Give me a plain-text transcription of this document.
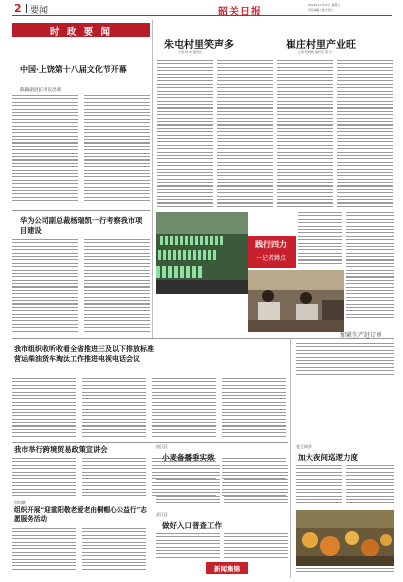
2 要闻	韶关日报
2019年11月22日 星期五
责任编辑 / 版式设计
时 政 要 闻
中国·上饶第十八届文化节开幕
陈颖副县长市长出席
华为公司副总裁杨瑞凯一行考察我市项目建设
我市组织收听收看全省推进三及以下排放标准营运柴油货车淘汰工作推进电视电话会议
我市举行跨境贸易政策宣讲会
市妇联
组织开展“迎重阳敬老爱老由桐帽心公益行”志愿服务活动
朱屯村里笑声多
记者 刘 伟 通讯员
崔庄村里产业旺
记者 陈晓帆 通讯员 周 宁
践行四力
一记者蹲点
加紧生产赶订单
浈江区
小麦备播垂实效
武江区
做好入口普查工作
新闻集锦
老王同乡
加大夜间巡逻力度
